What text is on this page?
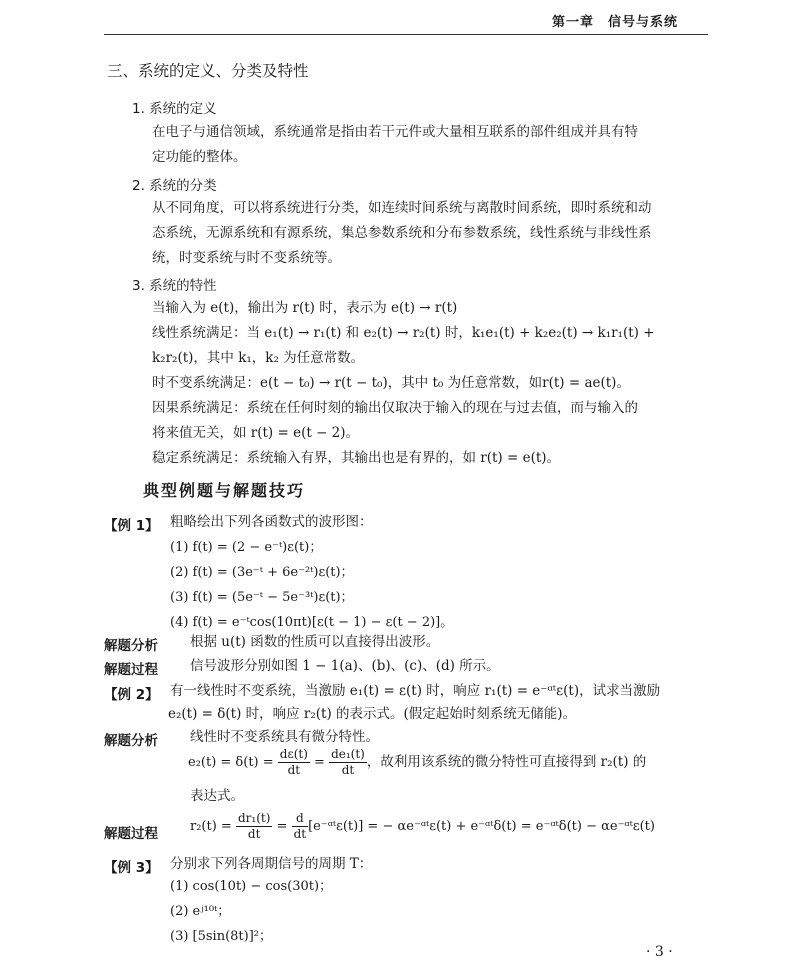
第一章　信号与系统
三、系统的定义、分类及特性
1. 系统的定义
在电子与通信领域，系统通常是指由若干元件或大量相互联系的部件组成并具有特
定功能的整体。
2. 系统的分类
从不同角度，可以将系统进行分类，如连续时间系统与离散时间系统，即时系统和动
态系统，无源系统和有源系统，集总参数系统和分布参数系统，线性系统与非线性系
统，时变系统与时不变系统等。
3. 系统的特性
当输入为 e(t)，输出为 r(t) 时，表示为 e(t) → r(t)
线性系统满足：当 e₁(t) → r₁(t) 和 e₂(t) → r₂(t) 时，k₁e₁(t) + k₂e₂(t) → k₁r₁(t) +
k₂r₂(t)，其中 k₁，k₂ 为任意常数。
时不变系统满足：e(t − t₀) → r(t − t₀)，其中 t₀ 为任意常数，如r(t) = ae(t)。
因果系统满足：系统在任何时刻的输出仅取决于输入的现在与过去值，而与输入的
将来值无关，如 r(t) = e(t − 2)。
稳定系统满足：系统输入有界，其输出也是有界的，如 r(t) = e(t)。
典型例题与解题技巧
【例 1】 粗略绘出下列各函数式的波形图：
(1) f(t) = (2 − e⁻ᵗ)ε(t)；
(2) f(t) = (3e⁻ᵗ + 6e⁻²ᵗ)ε(t)；
(3) f(t) = (5e⁻ᵗ − 5e⁻³ᵗ)ε(t)；
(4) f(t) = e⁻ᵗcos(10πt)[ε(t − 1) − ε(t − 2)]。
解题分析 根据 u(t) 函数的性质可以直接得出波形。
解题过程 信号波形分别如图 1 − 1(a)、(b)、(c)、(d) 所示。
【例 2】 有一线性时不变系统，当激励 e₁(t) = ε(t) 时，响应 r₁(t) = e⁻ᵅᵗε(t)，试求当激励
e₂(t) = δ(t) 时，响应 r₂(t) 的表示式。(假定起始时刻系统无储能)。
解题分析 线性时不变系统具有微分特性。
$e_2(t) = \delta(t) = \frac{d\varepsilon(t)}{dt} = \frac{\text{de₁(t)}}{dt}$ ，故利用该系统的微分特性可直接得到 r₂(t) 的
表达式。
解题过程 $r_2(t) = \frac{\text{dr₁(t)}}{dt} = \frac{d}{dt}$ [e⁻ᵅᵗε(t)] = − αe⁻ᵅᵗε(t) + e⁻ᵅᵗδ(t) = e⁻ᵅᵗδ(t) − αe⁻ᵅᵗε(t)
【例 3】 分别求下列各周期信号的周期 T：
(1) cos(10t) − cos(30t)；
(2) eʲ¹⁰ᵗ；
(3) [5sin(8t)]²；
· 3 ·
